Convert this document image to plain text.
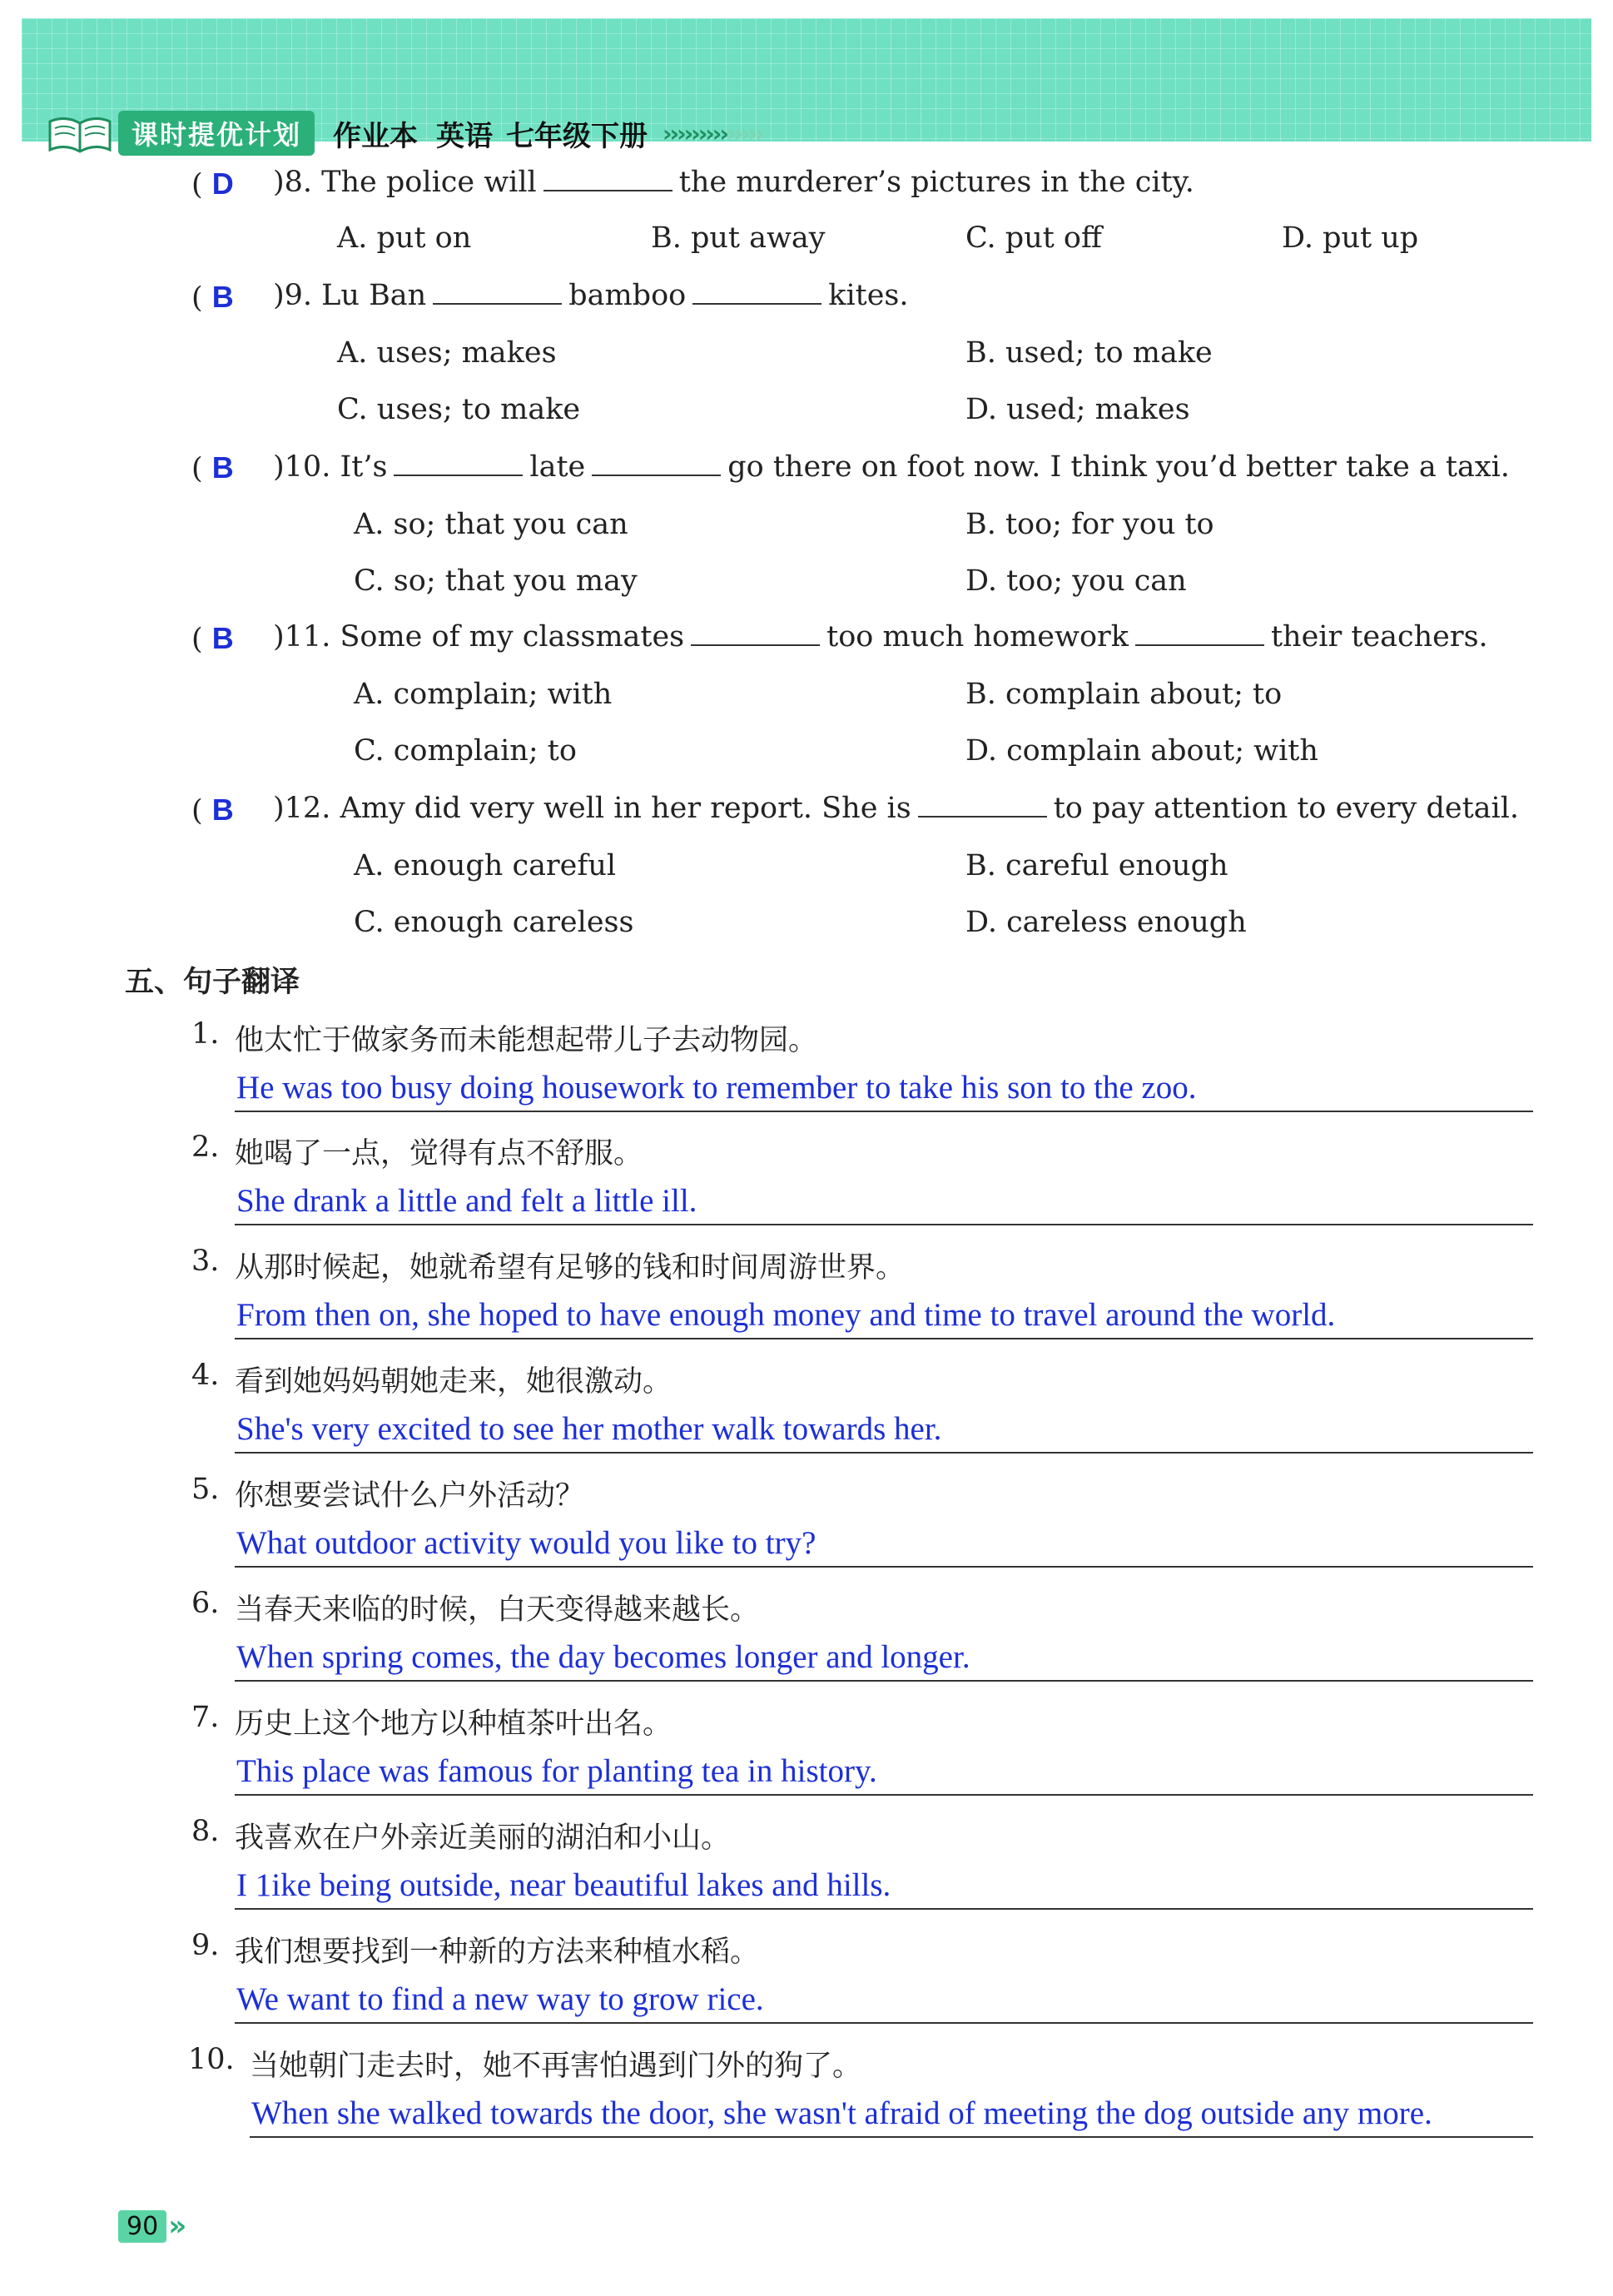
课时提优计划	作业本 英语 七年级下册 ››››››››››››››
( D )8. The police will	the murderer’s pictures in the city.
A. put on	B. put away	C. put off	D. put up
( B )9. Lu Ban	bamboo	kites.
A. uses; makes	B. used; to make
C. uses; to make	D. used; makes
( B )10. It’s	late	go there on foot now. I think you’d better take a taxi.
A. so; that you can	B. too; for you to
C. so; that you may	D. too; you can
( B )11. Some of my classmates	too much homework	their teachers.
A. complain; with	B. complain about; to
C. complain; to	D. complain about; with
( B )12. Amy did very well in her report. She is	to pay attention to every detail.
A. enough careful	B. careful enough
C. enough careless	D. careless enough
五、句子翻译
1. 他太忙于做家务而未能想起带儿子去动物园。
He was too busy doing housework to remember to take his son to the zoo.
2. 她喝了一点，觉得有点不舒服。
She drank a little and felt a little ill.
3. 从那时候起，她就希望有足够的钱和时间周游世界。
From then on, she hoped to have enough money and time to travel around the world.
4. 看到她妈妈朝她走来，她很激动。
She's very excited to see her mother walk towards her.
5. 你想要尝试什么户外活动？
What outdoor activity would you like to try?
6. 当春天来临的时候，白天变得越来越长。
When spring comes, the day becomes longer and longer.
7. 历史上这个地方以种植茶叶出名。
This place was famous for planting tea in history.
8. 我喜欢在户外亲近美丽的湖泊和小山。
I 1ike being outside, near beautiful lakes and hills.
9. 我们想要找到一种新的方法来种植水稻。
We want to find a new way to grow rice.
10. 当她朝门走去时，她不再害怕遇到门外的狗了。
When she walked towards the door, she wasn't afraid of meeting the dog outside any more.
90 ››
